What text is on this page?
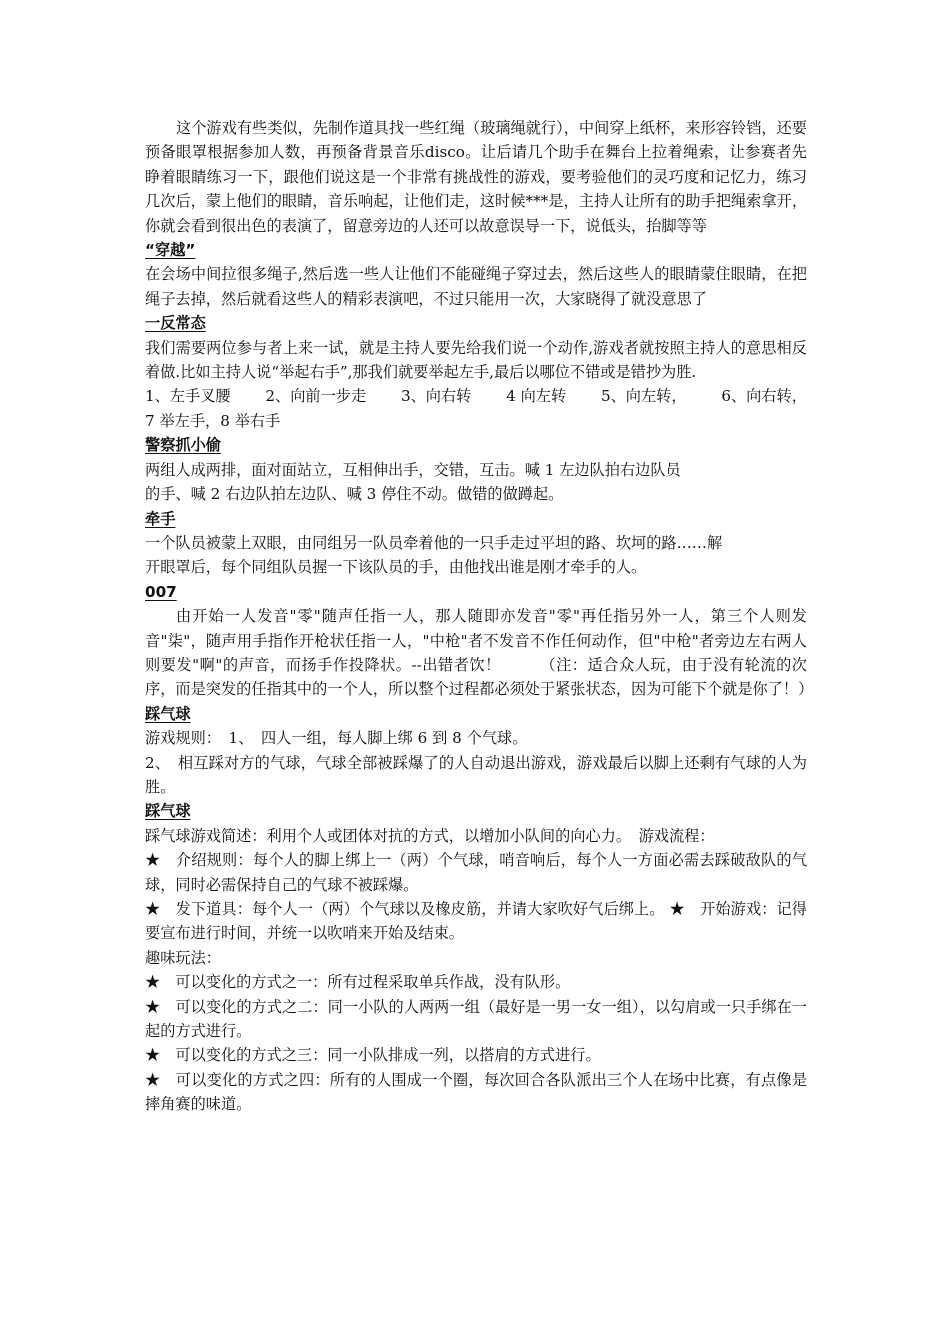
这个游戏有些类似，先制作道具找一些红绳（玻璃绳就行），中间穿上纸杯，来形容铃铛，还要预备眼罩根据参加人数，再预备背景音乐disco。让后请几个助手在舞台上拉着绳索，让参赛者先睁着眼睛练习一下，跟他们说这是一个非常有挑战性的游戏，要考验他们的灵巧度和记忆力，练习几次后，蒙上他们的眼睛，音乐响起，让他们走，这时候***是，主持人让所有的助手把绳索拿开，你就会看到很出色的表演了，留意旁边的人还可以故意误导一下，说低头，抬脚等等

“穿越”

在会场中间拉很多绳子,然后选一些人让他们不能碰绳子穿过去，然后这些人的眼睛蒙住眼睛，在把绳子去掉，然后就看这些人的精彩表演吧，不过只能用一次，大家晓得了就没意思了

一反常态

我们需要两位参与者上来一试，就是主持人要先给我们说一个动作,游戏者就按照主持人的意思相反着做.比如主持人说“举起右手”,那我们就要举起左手,最后以哪位不错或是错抄为胜.

1、左手叉腰 2、向前一步走 3、向右转 4 向左转 5、向左转， 6、向右转，

7 举左手，8 举右手

警察抓小偷

两组人成两排，面对面站立，互相伸出手，交错，互击。喊 1 左边队拍右边队员

的手、喊 2 右边队拍左边队、喊 3 停住不动。做错的做蹲起。

牵手

一个队员被蒙上双眼，由同组另一队员牵着他的一只手走过平坦的路、坎坷的路……解

开眼罩后，每个同组队员握一下该队员的手，由他找出谁是刚才牵手的人。

007

由开始一人发音"零"随声任指一人，那人随即亦发音"零"再任指另外一人，第三个人则发音"柒"，随声用手指作开枪状任指一人，"中枪"者不发音不作任何动作，但"中枪"者旁边左右两人则要发"啊"的声音，而扬手作投降状。--出错者饮！　　　（注：适合众人玩，由于没有轮流的次序，而是突发的任指其中的一个人，所以整个过程都必须处于紧张状态，因为可能下个就是你了！）

踩气球

游戏规则：　1、　四人一组，每人脚上绑 6 到 8 个气球。

2、　相互踩对方的气球，气球全部被踩爆了的人自动退出游戏，游戏最后以脚上还剩有气球的人为胜。

踩气球

踩气球游戏简述：利用个人或团体对抗的方式，以增加小队间的向心力。　游戏流程：

★　介绍规则：每个人的脚上绑上一（两）个气球，哨音响后，每个人一方面必需去踩破敌队的气球，同时必需保持自己的气球不被踩爆。

★　发下道具：每个人一（两）个气球以及橡皮筋，并请大家吹好气后绑上。 ★　开始游戏：记得要宣布进行时间，并统一以吹哨来开始及结束。

趣味玩法：

★　可以变化的方式之一：所有过程采取单兵作战，没有队形。

★　可以变化的方式之二：同一小队的人两两一组（最好是一男一女一组），以勾肩或一只手绑在一起的方式进行。

★　可以变化的方式之三：同一小队排成一列，以搭肩的方式进行。

★　可以变化的方式之四：所有的人围成一个圈，每次回合各队派出三个人在场中比赛，有点像是摔角赛的味道。
